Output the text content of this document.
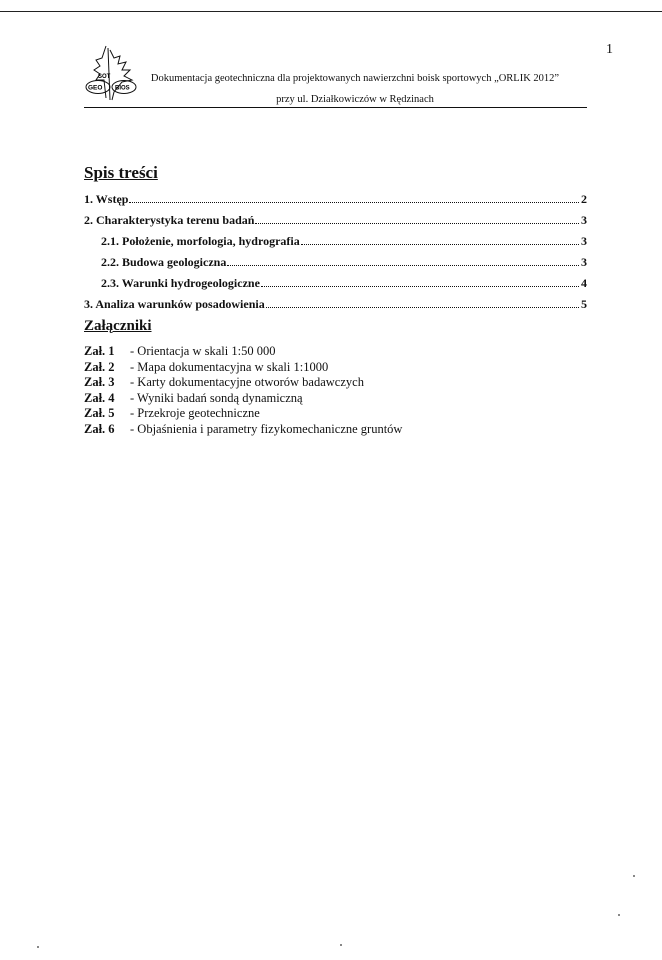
1
SOT
GEO BIOS
Dokumentacja geotechniczna dla projektowanych nawierzchni boisk sportowych „ORLIK 2012”
przy ul. Działkowiczów w Rędzinach
Spis treści
1. Wstęp	2
2. Charakterystyka terenu badań	3
2.1. Położenie, morfologia, hydrografia	3
2.2. Budowa geologiczna	3
2.3. Warunki hydrogeologiczne	4
3. Analiza warunków posadowienia	5
Załączniki
Zał. 1	- Orientacja w skali 1:50 000
Zał. 2	- Mapa dokumentacyjna w skali 1:1000
Zał. 3	- Karty dokumentacyjne otworów badawczych
Zał. 4	- Wyniki badań sondą dynamiczną
Zał. 5	- Przekroje geotechniczne
Zał. 6	- Objaśnienia i parametry fizykomechaniczne gruntów
